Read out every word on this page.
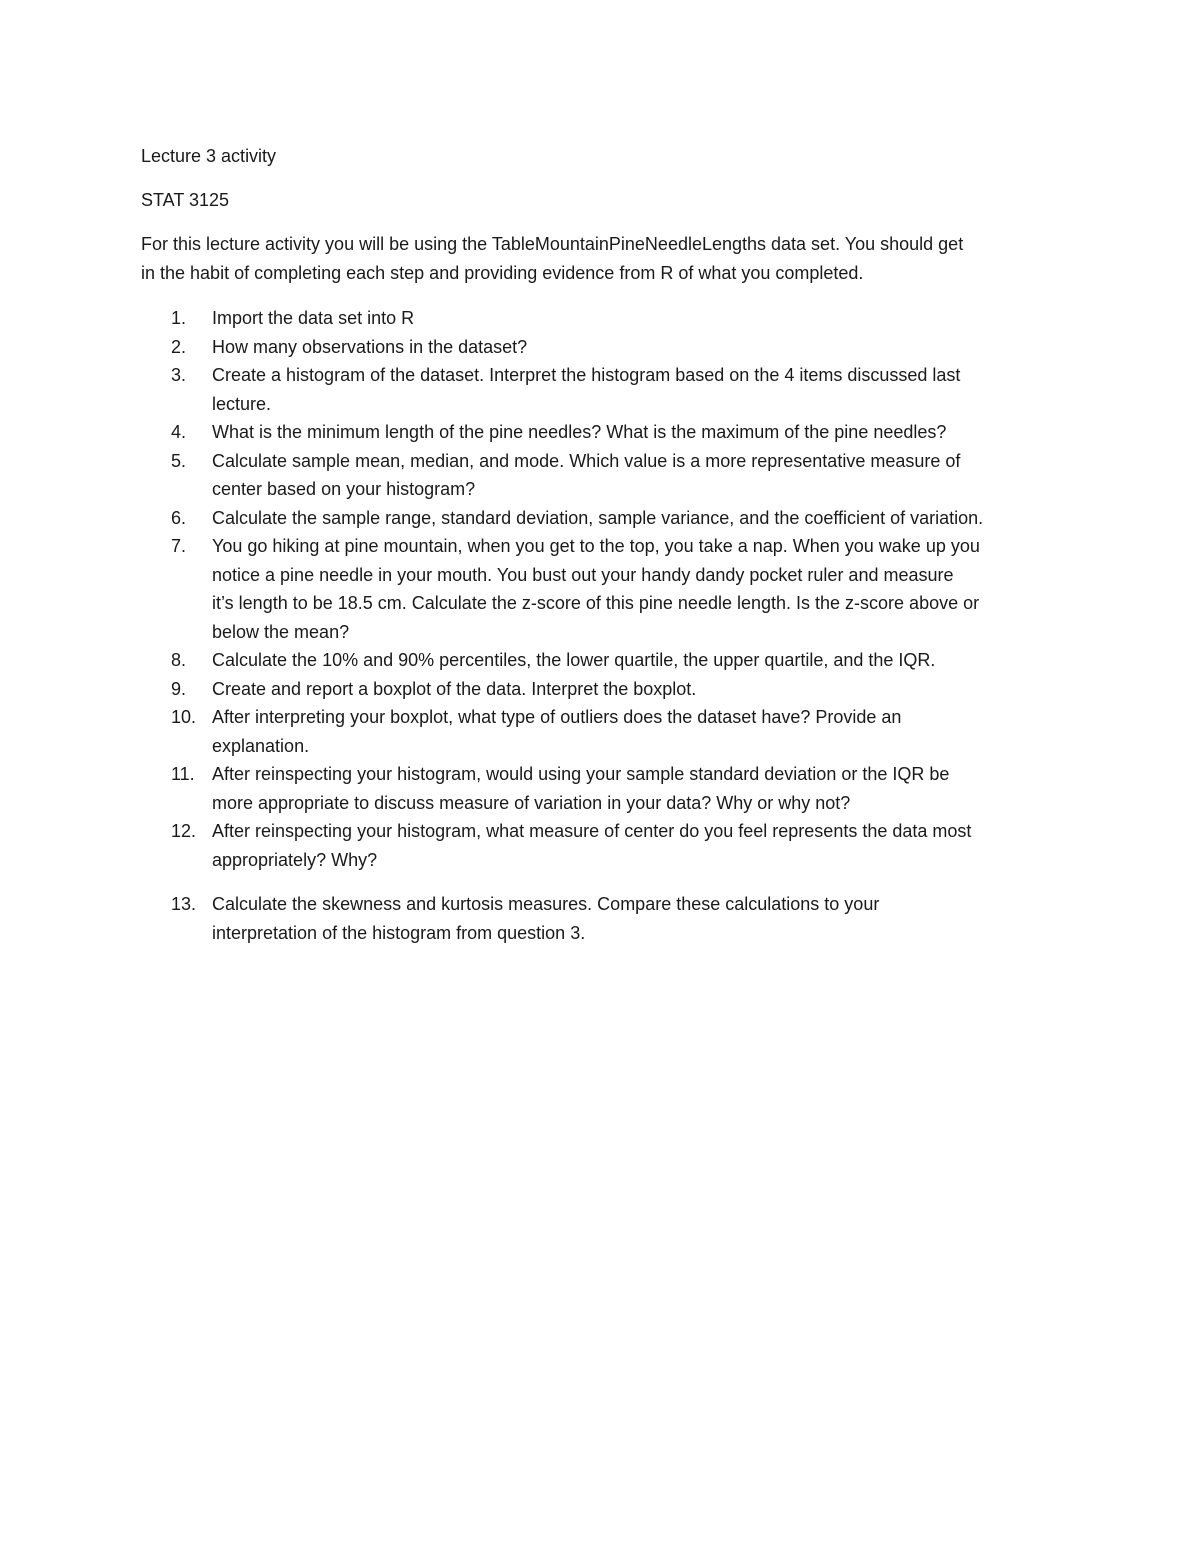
Lecture 3 activity
STAT 3125

For this lecture activity you will be using the TableMountainPineNeedleLengths data set. You should get

in the habit of completing each step and providing evidence from R of what you completed.

1.	Import the data set into R
2.	How many observations in the dataset?
3.	Create a histogram of the dataset. Interpret the histogram based on the 4 items discussed last
lecture.
4.	What is the minimum length of the pine needles? What is the maximum of the pine needles?
5.	Calculate sample mean, median, and mode. Which value is a more representative measure of
center based on your histogram?
6.	Calculate the sample range, standard deviation, sample variance, and the coefficient of variation.
7.	You go hiking at pine mountain, when you get to the top, you take a nap. When you wake up you
notice a pine needle in your mouth. You bust out your handy dandy pocket ruler and measure
it’s length to be 18.5 cm. Calculate the z-score of this pine needle length. Is the z-score above or
below the mean?
8.	Calculate the 10% and 90% percentiles, the lower quartile, the upper quartile, and the IQR.
9.	Create and report a boxplot of the data. Interpret the boxplot.
10. After interpreting your boxplot, what type of outliers does the dataset have? Provide an
explanation.
11. After reinspecting your histogram, would using your sample standard deviation or the IQR be
more appropriate to discuss measure of variation in your data? Why or why not?
12. After reinspecting your histogram, what measure of center do you feel represents the data most
appropriately? Why?
13. Calculate the skewness and kurtosis measures. Compare these calculations to your
interpretation of the histogram from question 3.
